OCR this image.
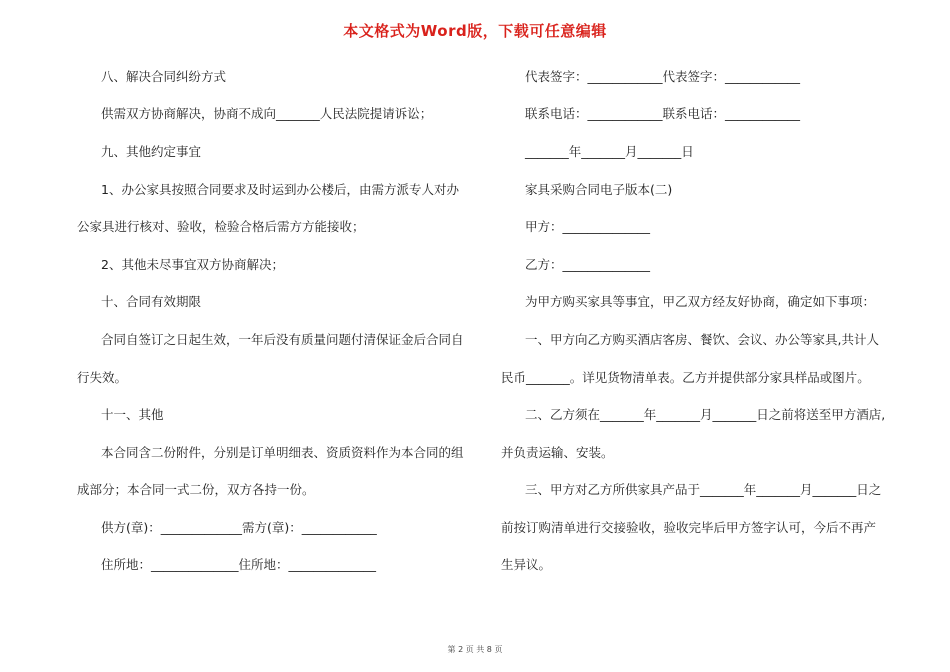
本文格式为Word版，下载可任意编辑
八、解决合同纠纷方式
供需双方协商解决，协商不成向_______人民法院提请诉讼；
九、其他约定事宜
1、办公家具按照合同要求及时运到办公楼后，由需方派专人对办
公家具进行核对、验收，检验合格后需方方能接收；
2、其他未尽事宜双方协商解决；
十、合同有效期限
合同自签订之日起生效，一年后没有质量问题付清保证金后合同自
行失效。
十一、其他
本合同含二份附件，分别是订单明细表、资质资料作为本合同的组
成部分；本合同一式二份，双方各持一份。
供方(章)：_____________需方(章)：____________
住所地：______________住所地：______________
代表签字：____________代表签字：____________
联系电话：____________联系电话：____________
_______年_______月_______日
家具采购合同电子版本(二)
甲方：______________
乙方：______________
为甲方购买家具等事宜，甲乙双方经友好协商，确定如下事项：
一、甲方向乙方购买酒店客房、餐饮、会议、办公等家具,共计人
民币_______。详见货物清单表。乙方并提供部分家具样品或图片。
二、乙方须在_______年_______月_______日之前将送至甲方酒店,
并负责运输、安装。
三、甲方对乙方所供家具产品于_______年_______月_______日之
前按订购清单进行交接验收，验收完毕后甲方签字认可，今后不再产
生异议。
第 2 页 共 8 页
